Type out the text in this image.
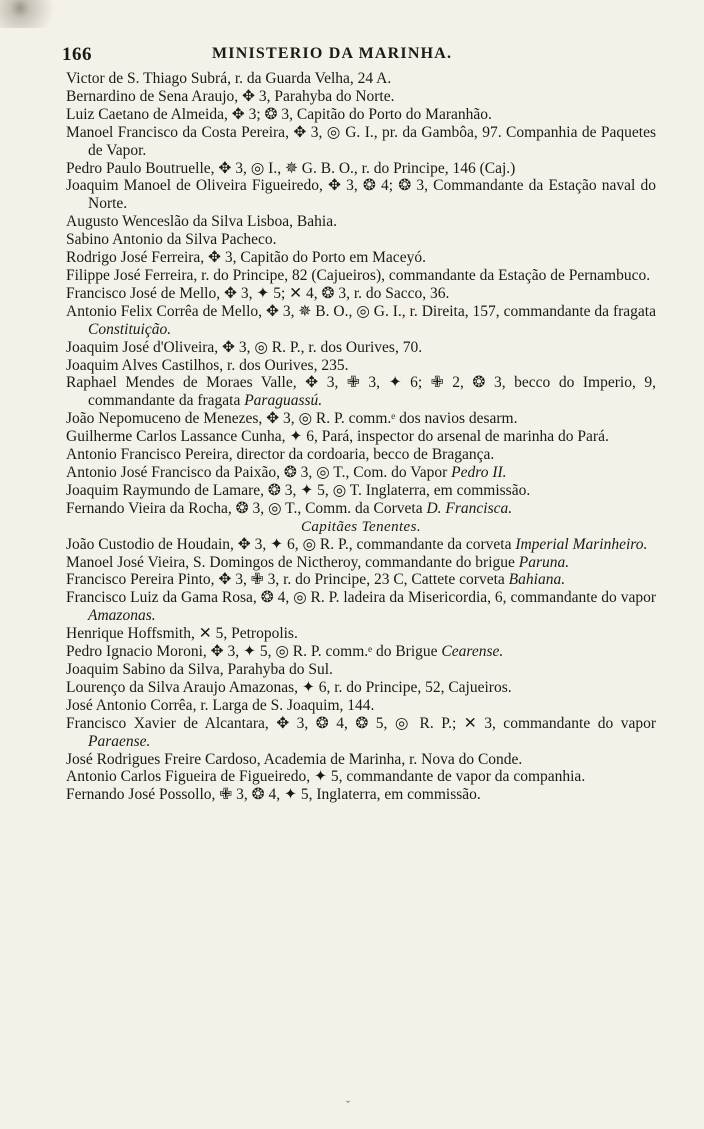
166	MINISTERIO DA MARINHA.
Victor de S. Thiago Subrá, r. da Guarda Velha, 24 A.
Bernardino de Sena Araujo, ✥ 3, Parahyba do Norte.
Luiz Caetano de Almeida, ✥ 3; ❂ 3, Capitão do Porto do Maranhão.
Manoel Francisco da Costa Pereira, ✥ 3, ◎ G. I., pr. da Gambôa, 97. Companhia de Paquetes de Vapor.
Pedro Paulo Boutruelle, ✥ 3, ◎ I., ✵ G. B. O., r. do Principe, 146 (Caj.)
Joaquim Manoel de Oliveira Figueiredo, ✥ 3, ❂ 4; ❂ 3, Commandante da Estação naval do Norte.
Augusto Wenceslão da Silva Lisboa, Bahia.
Sabino Antonio da Silva Pacheco.
Rodrigo José Ferreira, ✥ 3, Capitão do Porto em Maceyó.
Filippe José Ferreira, r. do Principe, 82 (Cajueiros), commandante da Estação de Pernambuco.
Francisco José de Mello, ✥ 3, ✦ 5; ✕ 4, ❂ 3, r. do Sacco, 36.
Antonio Felix Corrêa de Mello, ✥ 3, ✵ B. O., ◎ G. I., r. Direita, 157, commandante da fragata Constituição.
Joaquim José d'Oliveira, ✥ 3, ◎ R. P., r. dos Ourives, 70.
Joaquim Alves Castilhos, r. dos Ourives, 235.
Raphael Mendes de Moraes Valle, ✥ 3, ✙ 3, ✦ 6; ✙ 2, ❂ 3, becco do Imperio, 9, commandante da fragata Paraguassú.
João Nepomuceno de Menezes, ✥ 3, ◎ R. P. comm.ᵉ dos navios desarm.
Guilherme Carlos Lassance Cunha, ✦ 6, Pará, inspector do arsenal de marinha do Pará.
Antonio Francisco Pereira, director da cordoaria, becco de Bragança.
Antonio José Francisco da Paixão, ❂ 3, ◎ T., Com. do Vapor Pedro II.
Joaquim Raymundo de Lamare, ❂ 3, ✦ 5, ◎ T. Inglaterra, em commissão.
Fernando Vieira da Rocha, ❂ 3, ◎ T., Comm. da Corveta D. Francisca.
Capitães Tenentes.
João Custodio de Houdain, ✥ 3, ✦ 6, ◎ R. P., commandante da corveta Imperial Marinheiro.
Manoel José Vieira, S. Domingos de Nictheroy, commandante do brigue Paruna.
Francisco Pereira Pinto, ✥ 3, ✙ 3, r. do Principe, 23 C, Cattete corveta Bahiana.
Francisco Luiz da Gama Rosa, ❂ 4, ◎ R. P. ladeira da Misericordia, 6, commandante do vapor Amazonas.
Henrique Hoffsmith, ✕ 5, Petropolis.
Pedro Ignacio Moroni, ✥ 3, ✦ 5, ◎ R. P. comm.ᵉ do Brigue Cearense.
Joaquim Sabino da Silva, Parahyba do Sul.
Lourenço da Silva Araujo Amazonas, ✦ 6, r. do Principe, 52, Cajueiros.
José Antonio Corrêa, r. Larga de S. Joaquim, 144.
Francisco Xavier de Alcantara, ✥ 3, ❂ 4, ❂ 5, ◎ R. P.; ✕ 3, commandante do vapor Paraense.
José Rodrigues Freire Cardoso, Academia de Marinha, r. Nova do Conde.
Antonio Carlos Figueira de Figueiredo, ✦ 5, commandante de vapor da companhia.
Fernando José Possollo, ✙ 3, ❂ 4, ✦ 5, Inglaterra, em commissão.
ˇ
